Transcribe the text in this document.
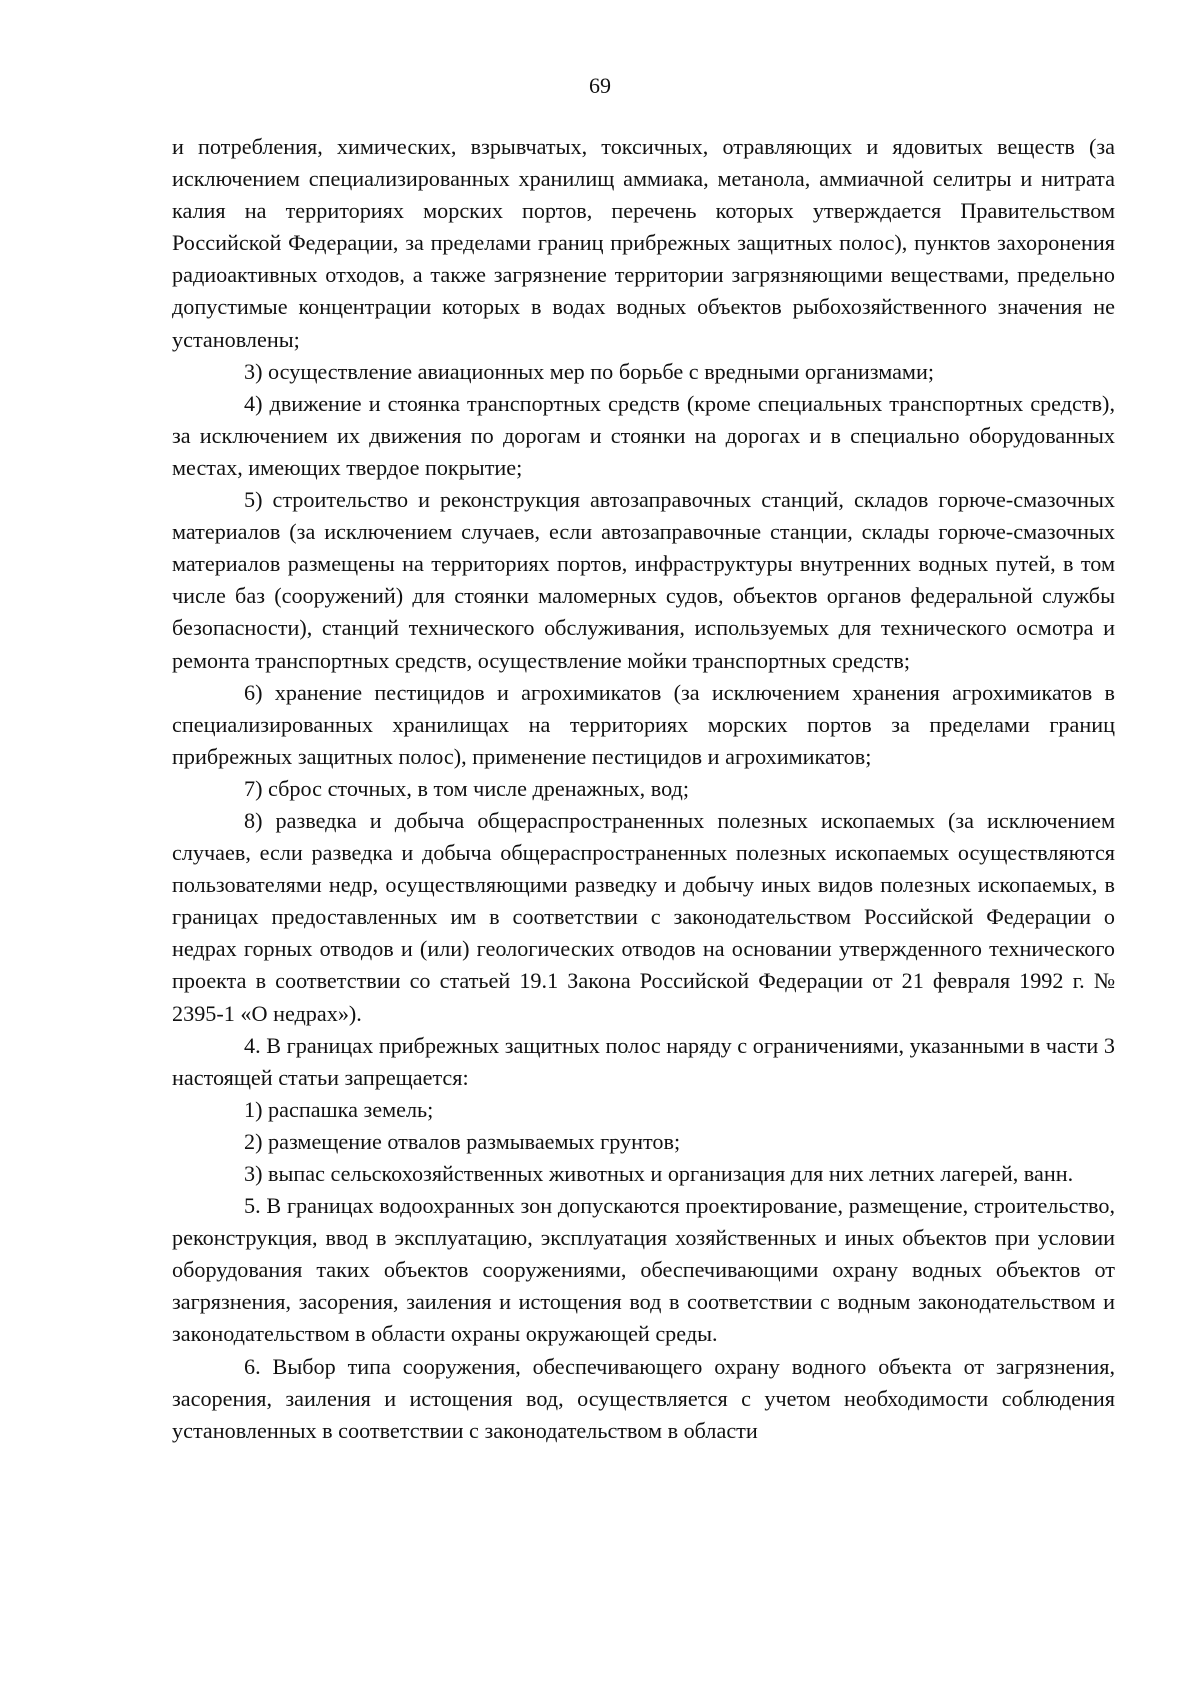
69

и потребления, химических, взрывчатых, токсичных, отравляющих и ядовитых веществ (за исключением специализированных хранилищ аммиака, метанола, аммиачной селитры и нитрата калия на территориях морских портов, перечень которых утверждается Правительством Российской Федерации, за пределами границ прибрежных защитных полос), пунктов захоронения радиоактивных отходов, а также загрязнение территории загрязняющими веществами, предельно допустимые концентрации которых в водах водных объектов рыбохозяйственного значения не установлены;

3) осуществление авиационных мер по борьбе с вредными организмами;

4) движение и стоянка транспортных средств (кроме специальных транспортных средств), за исключением их движения по дорогам и стоянки на дорогах и в специально оборудованных местах, имеющих твердое покрытие;

5) строительство и реконструкция автозаправочных станций, складов горюче-смазочных материалов (за исключением случаев, если автозаправочные станции, склады горюче-смазочных материалов размещены на территориях портов, инфраструктуры внутренних водных путей, в том числе баз (сооружений) для стоянки маломерных судов, объектов органов федеральной службы безопасности), станций технического обслуживания, используемых для технического осмотра и ремонта транспортных средств, осуществление мойки транспортных средств;

6) хранение пестицидов и агрохимикатов (за исключением хранения агрохимикатов в специализированных хранилищах на территориях морских портов за пределами границ прибрежных защитных полос), применение пестицидов и агрохимикатов;

7) сброс сточных, в том числе дренажных, вод;

8) разведка и добыча общераспространенных полезных ископаемых (за исключением случаев, если разведка и добыча общераспространенных полезных ископаемых осуществляются пользователями недр, осуществляющими разведку и добычу иных видов полезных ископаемых, в границах предоставленных им в соответствии с законодательством Российской Федерации о недрах горных отводов и (или) геологических отводов на основании утвержденного технического проекта в соответствии со статьей 19.1 Закона Российской Федерации от 21 февраля 1992 г. № 2395-1 «О недрах»).

4. В границах прибрежных защитных полос наряду с ограничениями, указанными в части 3 настоящей статьи запрещается:

1) распашка земель;

2) размещение отвалов размываемых грунтов;

3) выпас сельскохозяйственных животных и организация для них летних лагерей, ванн.

5. В границах водоохранных зон допускаются проектирование, размещение, строительство, реконструкция, ввод в эксплуатацию, эксплуатация хозяйственных и иных объектов при условии оборудования таких объектов сооружениями, обеспечивающими охрану водных объектов от загрязнения, засорения, заиления и истощения вод в соответствии с водным законодательством и законодательством в области охраны окружающей среды.

6. Выбор типа сооружения, обеспечивающего охрану водного объекта от загрязнения, засорения, заиления и истощения вод, осуществляется с учетом необходимости соблюдения установленных в соответствии с законодательством в области
